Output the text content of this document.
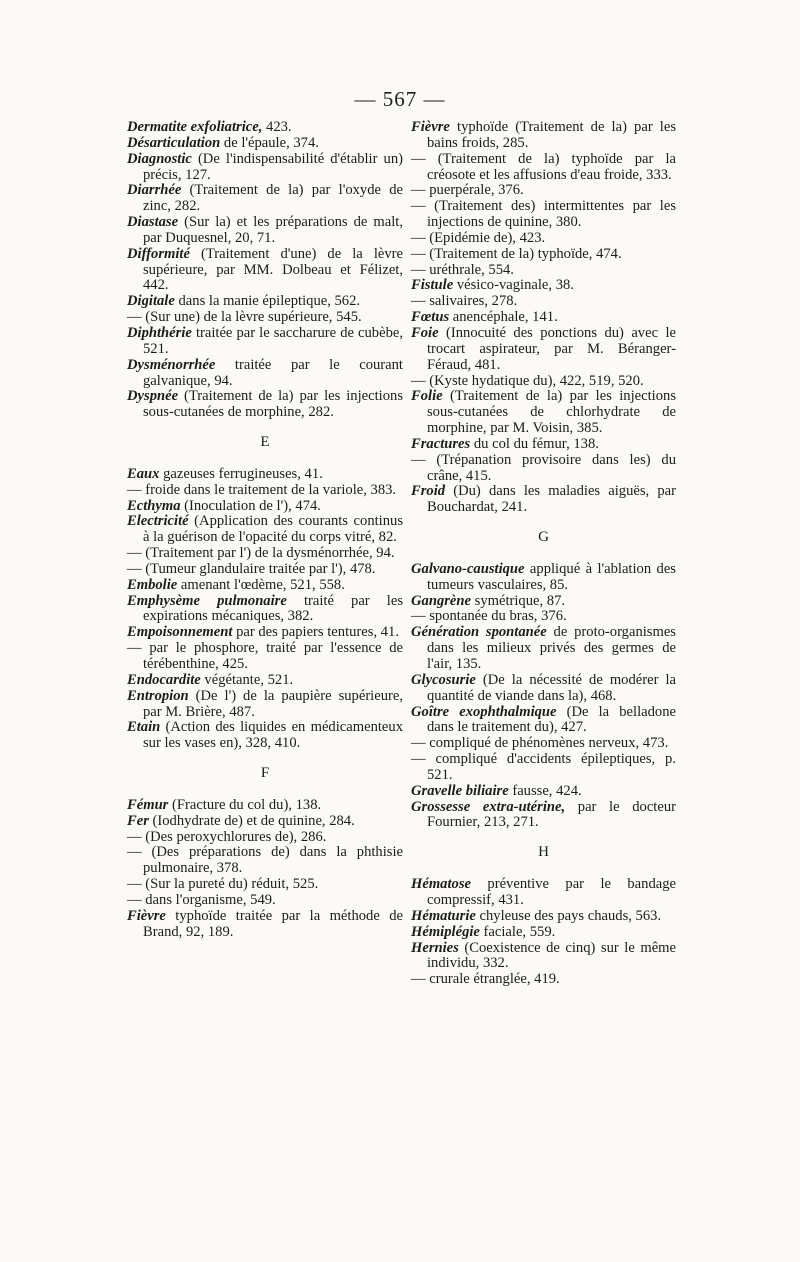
— 567 —

Dermatite exfoliatrice, 423.

Désarticulation de l'épaule, 374.

Diagnostic (De l'indispensabilité d'établir un) précis, 127.

Diarrhée (Traitement de la) par l'oxyde de zinc, 282.

Diastase (Sur la) et les préparations de malt, par Duquesnel, 20, 71.

Difformité (Traitement d'une) de la lèvre supérieure, par MM. Dolbeau et Félizet, 442.

Digitale dans la manie épileptique, 562.

— (Sur une) de la lèvre supérieure, 545.

Diphthérie traitée par le saccharure de cubèbe, 521.

Dysménorrhée traitée par le courant galvanique, 94.

Dyspnée (Traitement de la) par les injections sous-cutanées de morphine, 282.

E

Eaux gazeuses ferrugineuses, 41.

— froide dans le traitement de la variole, 383.

Ecthyma (Inoculation de l'), 474.

Electricité (Application des courants continus à la guérison de l'opacité du corps vitré, 82.

— (Traitement par l') de la dysménorrhée, 94.

— (Tumeur glandulaire traitée par l'), 478.

Embolie amenant l'œdème, 521, 558.

Emphysème pulmonaire traité par les expirations mécaniques, 382.

Empoisonnement par des papiers tentures, 41.

— par le phosphore, traité par l'essence de térébenthine, 425.

Endocardite végétante, 521.

Entropion (De l') de la paupière supérieure, par M. Brière, 487.

Etain (Action des liquides en médicamenteux sur les vases en), 328, 410.

F

Fémur (Fracture du col du), 138.

Fer (Iodhydrate de) et de quinine, 284.

— (Des peroxychlorures de), 286.

— (Des préparations de) dans la phthisie pulmonaire, 378.

— (Sur la pureté du) réduit, 525.

— dans l'organisme, 549.

Fièvre typhoïde traitée par la méthode de Brand, 92, 189.

Fièvre typhoïde (Traitement de la) par les bains froids, 285.

— (Traitement de la) typhoïde par la créosote et les affusions d'eau froide, 333.

— puerpérale, 376.

— (Traitement des) intermittentes par les injections de quinine, 380.

— (Epidémie de), 423.

— (Traitement de la) typhoïde, 474.

— uréthrale, 554.

Fistule vésico-vaginale, 38.

— salivaires, 278.

Fœtus anencéphale, 141.

Foie (Innocuité des ponctions du) avec le trocart aspirateur, par M. Béranger-Féraud, 481.

— (Kyste hydatique du), 422, 519, 520.

Folie (Traitement de la) par les injections sous-cutanées de chlorhydrate de morphine, par M. Voisin, 385.

Fractures du col du fémur, 138.

— (Trépanation provisoire dans les) du crâne, 415.

Froid (Du) dans les maladies aiguës, par Bouchardat, 241.

G

Galvano-caustique appliqué à l'ablation des tumeurs vasculaires, 85.

Gangrène symétrique, 87.

— spontanée du bras, 376.

Génération spontanée de proto-organismes dans les milieux privés des germes de l'air, 135.

Glycosurie (De la nécessité de modérer la quantité de viande dans la), 468.

Goître exophthalmique (De la belladone dans le traitement du), 427.

— compliqué de phénomènes nerveux, 473.

— compliqué d'accidents épileptiques, p. 521.

Gravelle biliaire fausse, 424.

Grossesse extra-utérine, par le docteur Fournier, 213, 271.

H

Hématose préventive par le bandage compressif, 431.

Hématurie chyleuse des pays chauds, 563.

Hémiplégie faciale, 559.

Hernies (Coexistence de cinq) sur le même individu, 332.

— crurale étranglée, 419.
